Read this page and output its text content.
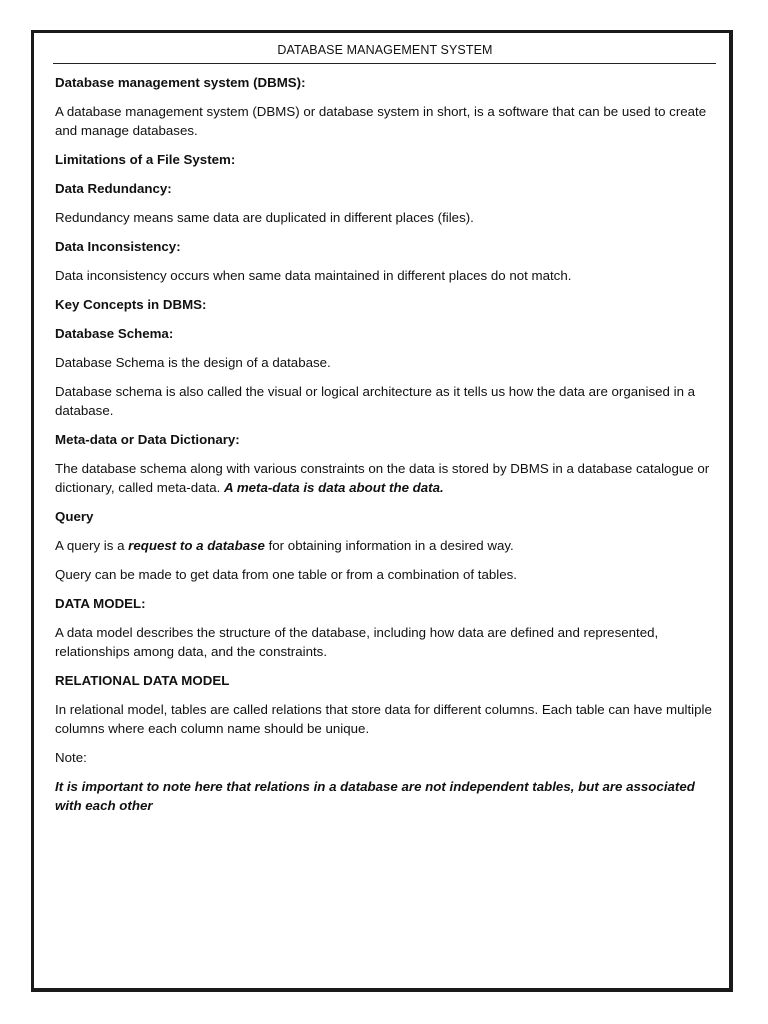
DATABASE MANAGEMENT SYSTEM

Database management system (DBMS):

A database management system (DBMS) or database system in short, is a software that can be used to create and manage databases.

Limitations of a File System:

Data Redundancy:

Redundancy means same data are duplicated in different places (files).

Data Inconsistency:

Data inconsistency occurs when same data maintained in different places do not match.

Key Concepts in DBMS:

Database Schema:

Database Schema is the design of a database.

Database schema is also called the visual or logical architecture as it tells us how the data are organised in a database.

Meta-data or Data Dictionary:

The database schema along with various constraints on the data is stored by DBMS in a database catalogue or dictionary, called meta-data. A meta-data is data about the data.

Query

A query is a request to a database for obtaining information in a desired way.

Query can be made to get data from one table or from a combination of tables.

DATA MODEL:

A data model describes the structure of the database, including how data are defined and represented, relationships among data, and the constraints.

RELATIONAL DATA MODEL

In relational model, tables are called relations that store data for different columns. Each table can have multiple columns where each column name should be unique.

Note:

It is important to note here that relations in a database are not independent tables, but are associated with each other
